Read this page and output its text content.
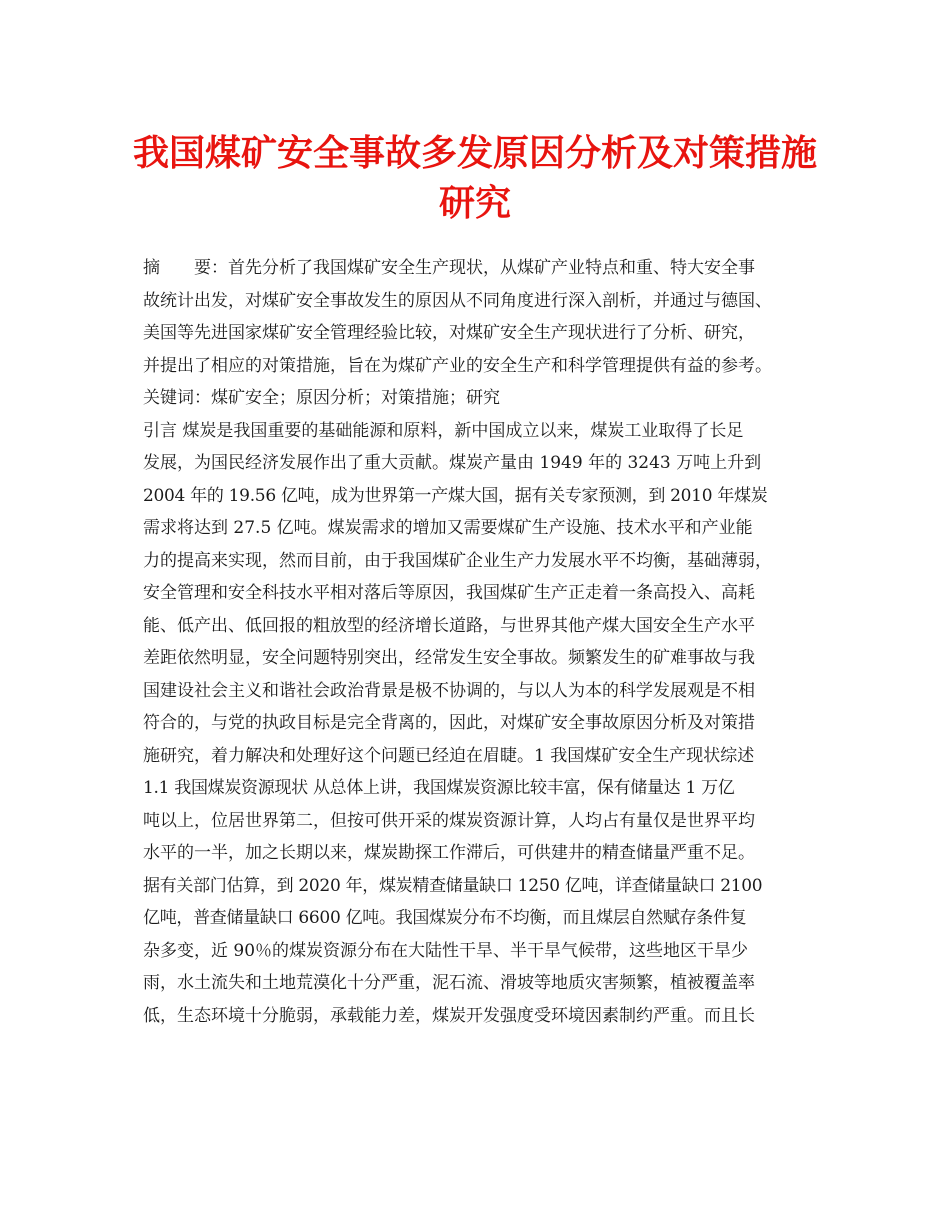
我国煤矿安全事故多发原因分析及对策措施
研究
摘　　要：首先分析了我国煤矿安全生产现状，从煤矿产业特点和重、特大安全事
故统计出发，对煤矿安全事故发生的原因从不同角度进行深入剖析，并通过与德国、
美国等先进国家煤矿安全管理经验比较，对煤矿安全生产现状进行了分析、研究，
并提出了相应的对策措施，旨在为煤矿产业的安全生产和科学管理提供有益的参考。
关键词：煤矿安全；原因分析；对策措施；研究
引言 煤炭是我国重要的基础能源和原料，新中国成立以来，煤炭工业取得了长足
发展，为国民经济发展作出了重大贡献。煤炭产量由 1949 年的 3243 万吨上升到
2004 年的 19.56 亿吨，成为世界第一产煤大国，据有关专家预测，到 2010 年煤炭
需求将达到 27.5 亿吨。煤炭需求的增加又需要煤矿生产设施、技术水平和产业能
力的提高来实现，然而目前，由于我国煤矿企业生产力发展水平不均衡，基础薄弱，
安全管理和安全科技水平相对落后等原因，我国煤矿生产正走着一条高投入、高耗
能、低产出、低回报的粗放型的经济增长道路，与世界其他产煤大国安全生产水平
差距依然明显，安全问题特别突出，经常发生安全事故。频繁发生的矿难事故与我
国建设社会主义和谐社会政治背景是极不协调的，与以人为本的科学发展观是不相
符合的，与党的执政目标是完全背离的，因此，对煤矿安全事故原因分析及对策措
施研究，着力解决和处理好这个问题已经迫在眉睫。1 我国煤矿安全生产现状综述
1.1 我国煤炭资源现状 从总体上讲，我国煤炭资源比较丰富，保有储量达 1 万亿
吨以上，位居世界第二，但按可供开采的煤炭资源计算，人均占有量仅是世界平均
水平的一半，加之长期以来，煤炭勘探工作滞后，可供建井的精查储量严重不足。
据有关部门估算，到 2020 年，煤炭精查储量缺口 1250 亿吨，详查储量缺口 2100
亿吨，普查储量缺口 6600 亿吨。我国煤炭分布不均衡，而且煤层自然赋存条件复
杂多变，近 90％的煤炭资源分布在大陆性干旱、半干旱气候带，这些地区干旱少
雨，水土流失和土地荒漠化十分严重，泥石流、滑坡等地质灾害频繁，植被覆盖率
低，生态环境十分脆弱，承载能力差，煤炭开发强度受环境因素制约严重。而且长
